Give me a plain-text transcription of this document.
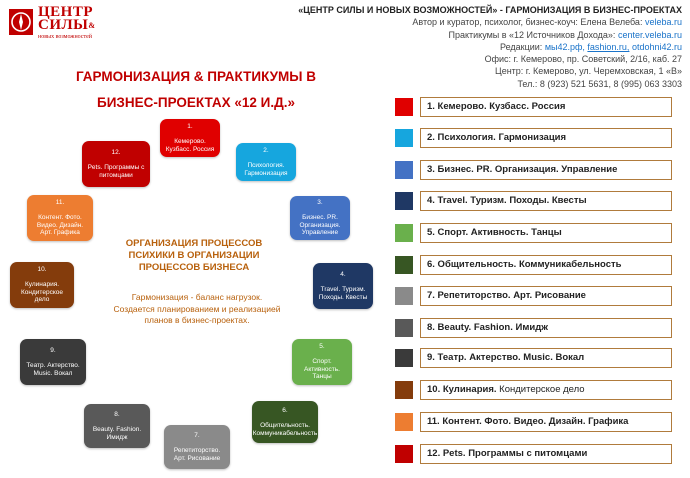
ЦЕНТР
СИЛЫ&
новых возможностей
«ЦЕНТР СИЛЫ И НОВЫХ ВОЗМОЖНОСТЕЙ» - ГАРМОНИЗАЦИЯ В БИЗНЕС-ПРОЕКТАХ
Автор и куратор, психолог, бизнес-коуч: Елена Велеба: veleba.ru
Практикумы в «12 Источников Дохода»: center.veleba.ru
Редакции: мы42.рф, fashion.ru, otdohni42.ru
Офис: г. Кемерово, пр. Советский, 2/16, каб. 27
Центр: г. Кемерово, ул. Черемховская, 1 «В»
Тел.: 8 (923) 521 5631, 8 (995) 063 3303
ГАРМОНИЗАЦИЯ & ПРАКТИКУМЫ В
БИЗНЕС-ПРОЕКТАХ «12 И.Д.»
ОРГАНИЗАЦИЯ ПРОЦЕССОВ ПСИХИКИ В ОРГАНИЗАЦИИ ПРОЦЕССОВ БИЗНЕСА
Гармонизация - баланс нагрузок. Создается планированием и реализацией планов в бизнес-проектах.
1.

Кемерово. Кузбасс. Россия	2.

Психология. Гармонизация
3.

Бизнес. PR. Организация. Управление
4.

Travel. Туризм. Походы. Квесты
5.

Спорт. Активность. Танцы
6.

Общительность. Коммуникабельность
7.

Репетиторство. Арт. Рисование
8.

Beauty. Fashion. Имидж
9.

Театр. Актерство. Music. Вокал
10.

Кулинария. Кондитерское дело
11.

Контент. Фото. Видео. Дизайн. Арт. Графика
12.

Pets. Программы с питомцами
1. Кемерово. Кузбасс. Россия
2. Психология. Гармонизация
3. Бизнес. PR. Организация. Управление
4. Travel. Туризм. Походы. Квесты
5. Спорт. Активность. Танцы
6. Общительность. Коммуникабельность
7. Репетиторство. Арт. Рисование
8. Beauty. Fashion. Имидж
9. Театр. Актерство. Music. Вокал
10. Кулинария. Кондитерское дело
11. Контент. Фото. Видео. Дизайн. Графика
12. Pets. Программы с питомцами
